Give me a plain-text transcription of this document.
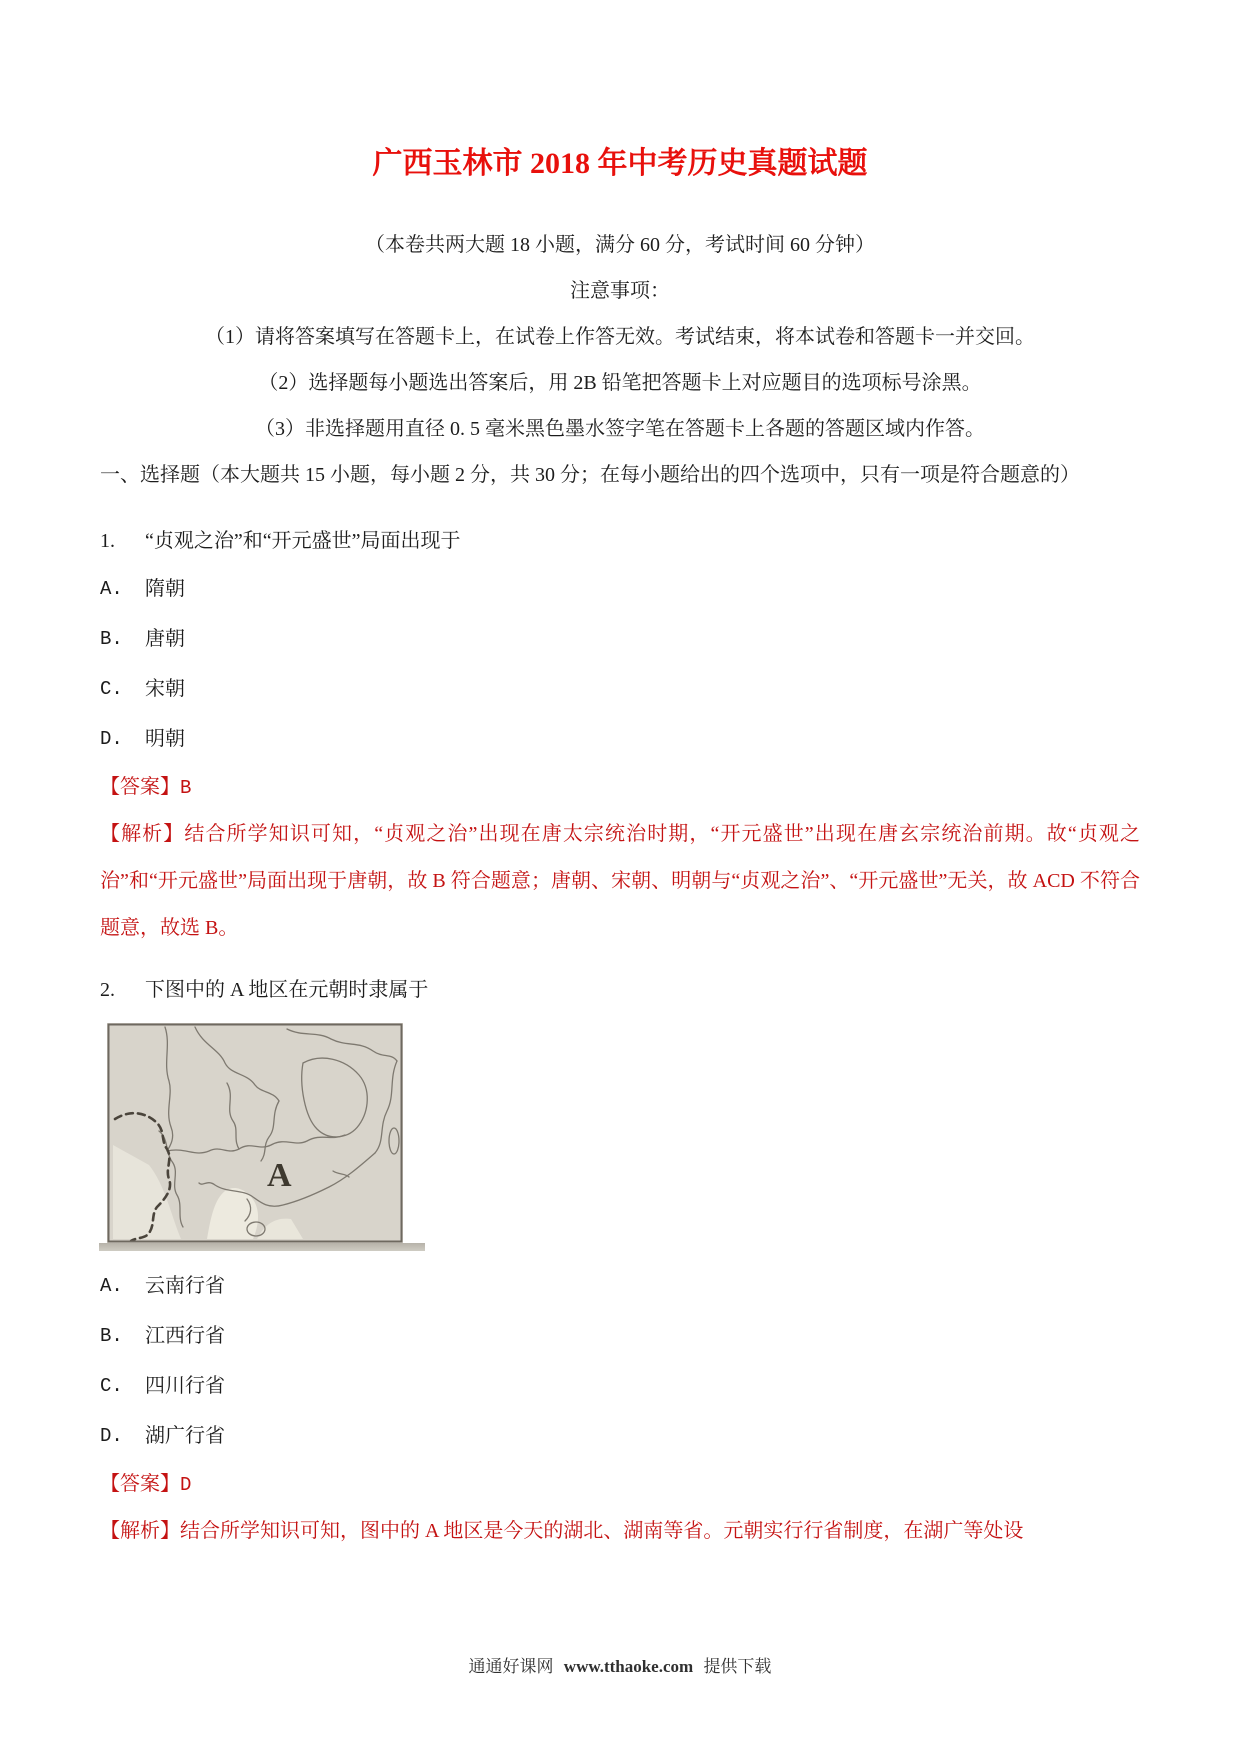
广西玉林市 2018 年中考历史真题试题

（本卷共两大题 18 小题，满分 60 分，考试时间 60 分钟）

注意事项：

（1）请将答案填写在答题卡上，在试卷上作答无效。考试结束，将本试卷和答题卡一并交回。

（2）选择题每小题选出答案后，用 2B 铅笔把答题卡上对应题目的选项标号涂黑。

（3）非选择题用直径 0. 5 毫米黑色墨水签字笔在答题卡上各题的答题区域内作答。

一、选择题（本大题共 15 小题，每小题 2 分，共 30 分；在每小题给出的四个选项中，只有一项是符合题意的）

1.	“贞观之治”和“开元盛世”局面出现于
A.	隋朝
B.	唐朝
C.	宋朝
D.	明朝

【答案】B

【解析】结合所学知识可知，“贞观之治”出现在唐太宗统治时期，“开元盛世”出现在唐玄宗统治前期。故“贞观之治”和“开元盛世”局面出现于唐朝，故 B 符合题意；唐朝、宋朝、明朝与“贞观之治”、“开元盛世”无关，故 ACD 不符合题意，故选 B。

2.	下图中的 A 地区在元朝时隶属于
A
A.	云南行省
B.	江西行省
C.	四川行省
D.	湖广行省

【答案】D

【解析】结合所学知识可知，图中的 A 地区是今天的湖北、湖南等省。元朝实行行省制度，在湖广等处设

通通好课网 www.tthaoke.com 提供下载
